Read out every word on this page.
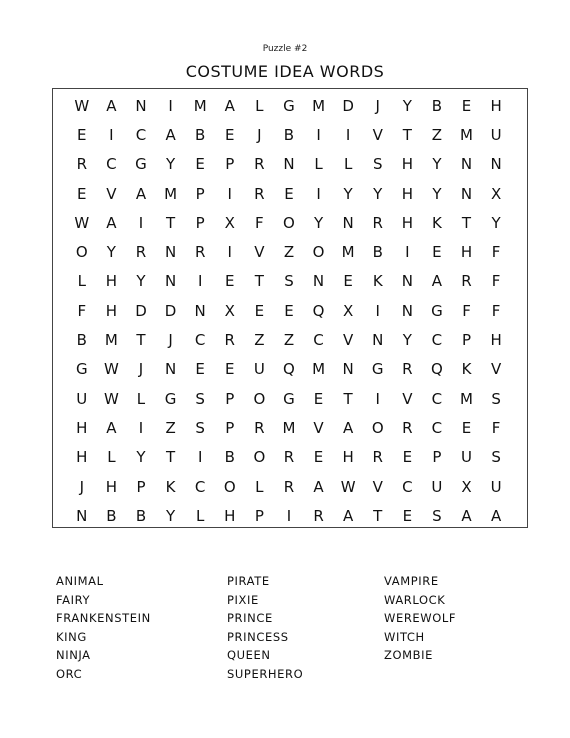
Puzzle #2
COSTUME IDEA WORDS
W	A	N	I	M	A	L	G	M	D	J	Y	B	E	H
E	I	C	A	B	E	J	B	I	I	V	T	Z	M	U
R	C	G	Y	E	P	R	N	L	L	S	H	Y	N	N
E	V	A	M	P	I	R	E	I	Y	Y	H	Y	N	X
W	A	I	T	P	X	F	O	Y	N	R	H	K	T	Y
O	Y	R	N	R	I	V	Z	O	M	B	I	E	H	F
L	H	Y	N	I	E	T	S	N	E	K	N	A	R	F
F	H	D	D	N	X	E	E	Q	X	I	N	G	F	F
B	M	T	J	C	R	Z	Z	C	V	N	Y	C	P	H
G	W	J	N	E	E	U	Q	M	N	G	R	Q	K	V
U	W	L	G	S	P	O	G	E	T	I	V	C	M	S
H	A	I	Z	S	P	R	M	V	A	O	R	C	E	F
H	L	Y	T	I	B	O	R	E	H	R	E	P	U	S
J	H	P	K	C	O	L	R	A	W	V	C	U	X	U
N	B	B	Y	L	H	P	I	R	A	T	E	S	A	A
ANIMAL
FAIRY
FRANKENSTEIN
KING
NINJA
ORC
PIRATE
PIXIE
PRINCE
PRINCESS
QUEEN
SUPERHERO
VAMPIRE
WARLOCK
WEREWOLF
WITCH
ZOMBIE
